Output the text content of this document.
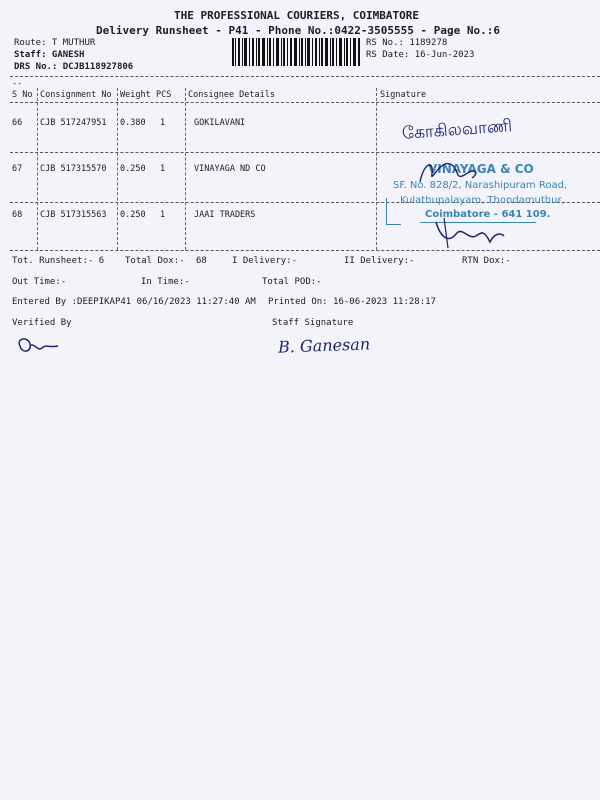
THE PROFESSIONAL COURIERS, COIMBATORE
Delivery Runsheet - P41 - Phone No.:0422-3505555 - Page No.:6
Route: T MUTHUR
Staff: GANESH
DRS No.: DCJB118927806
RS No.: 1189278
RS Date: 16-Jun-2023
--
S No Consignment No Weight PCS Consignee Details	Signature
66 CJB 517247951 0.380 1	GOKILAVANI
67 CJB 517315570 0.250 1	VINAYAGA ND CO
68 CJB 517315563 0.250 1	JAAI TRADERS
கோகிலவாணி
VINAYAGA & CO
SF. No. 828/2, Narashipuram Road,
Kulathupalayam, Thondamuthur,
Coimbatore - 641 109.
Tot. Runsheet:- 6 Total Dox:- 68	I Delivery:-	II Delivery:-	RTN Dox:-
Out Time:-	In Time:-	Total POD:-
Entered By :DEEPIKAP41 06/16/2023 11:27:40 AM Printed On: 16-06-2023 11:28:17
Verified By	Staff Signature
B. Ganesan
